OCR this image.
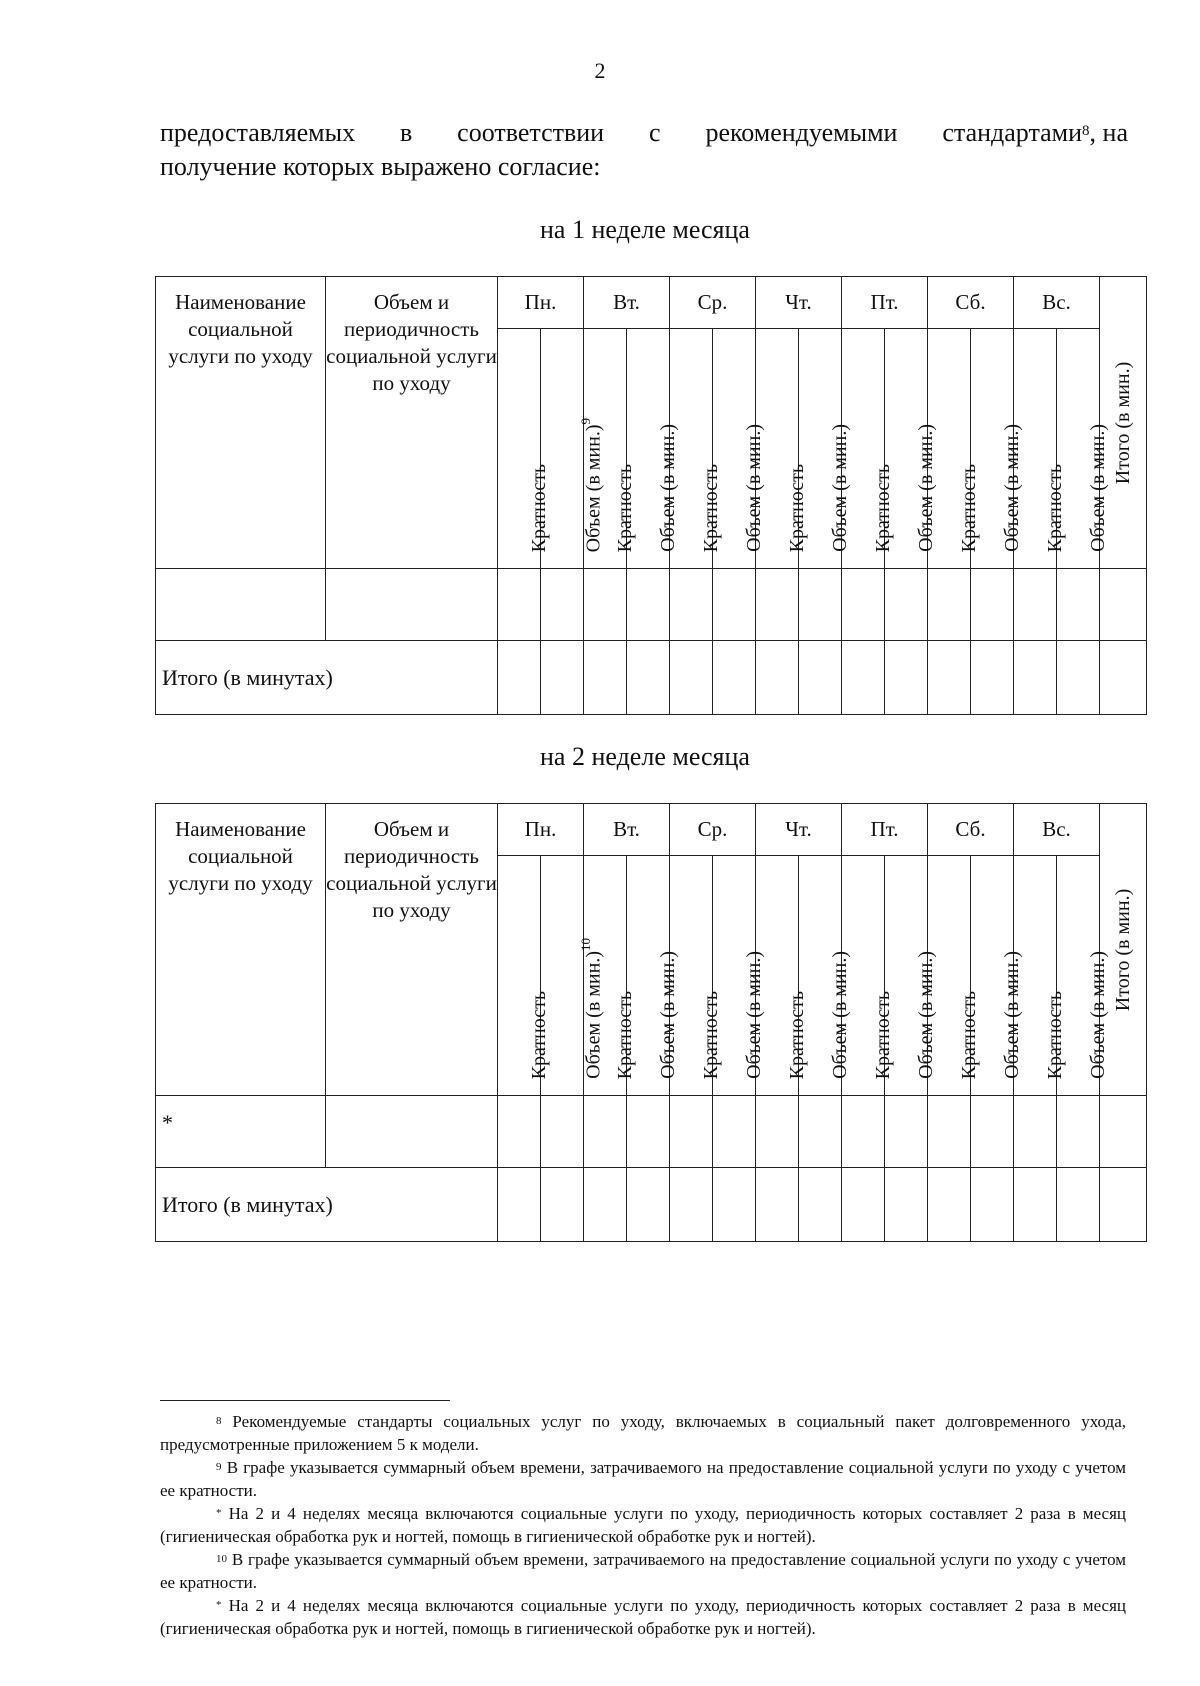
2
предоставляемых в соответствии с рекомендуемыми стандартами$^8$, на
получение которых выражено согласие:
на 1 неделе месяца
Наименование социальной услуги по уходу	Объем и периодичность социальной услуги по уходу	Пн.		Вт.		Ср.		Чт.		Пт.		Сб.		Вс.		Итого (в мин.)

		Кратность	Объем (в мин.)$^9$	Кратность	Объем (в мин.)	Кратность	Объем (в мин.)	Кратность	Объем (в мин.)	Кратность	Объем (в мин.)	Кратность	Объем (в мин.)	Кратность	Объем (в мин.)	

Итого (в минутах)																
на 2 неделе месяца
Наименование социальной услуги по уходу	Объем и периодичность социальной услуги по уходу	Пн.		Вт.		Ср.		Чт.		Пт.		Сб.		Вс.		Итого (в мин.)

		Кратность	Объем (в мин.)$^{10}$	Кратность	Объем (в мин.)	Кратность	Объем (в мин.)	Кратность	Объем (в мин.)	Кратность	Объем (в мин.)	Кратность	Объем (в мин.)	Кратность	Объем (в мин.)	

*																
Итого (в минутах)																

$^8$ Рекомендуемые стандарты социальных услуг по уходу, включаемых в социальный пакет долговременного ухода, предусмотренные приложением 5 к модели.

$^9$ В графе указывается суммарный объем времени, затрачиваемого на предоставление социальной услуги по уходу с учетом ее кратности.

* На 2 и 4 неделях месяца включаются социальные услуги по уходу, периодичность которых составляет 2 раза в месяц (гигиеническая обработка рук и ногтей, помощь в гигиенической обработке рук и ногтей).

$^{10}$ В графе указывается суммарный объем времени, затрачиваемого на предоставление социальной услуги по уходу с учетом ее кратности.

* На 2 и 4 неделях месяца включаются социальные услуги по уходу, периодичность которых составляет 2 раза в месяц (гигиеническая обработка рук и ногтей, помощь в гигиенической обработке рук и ногтей).
